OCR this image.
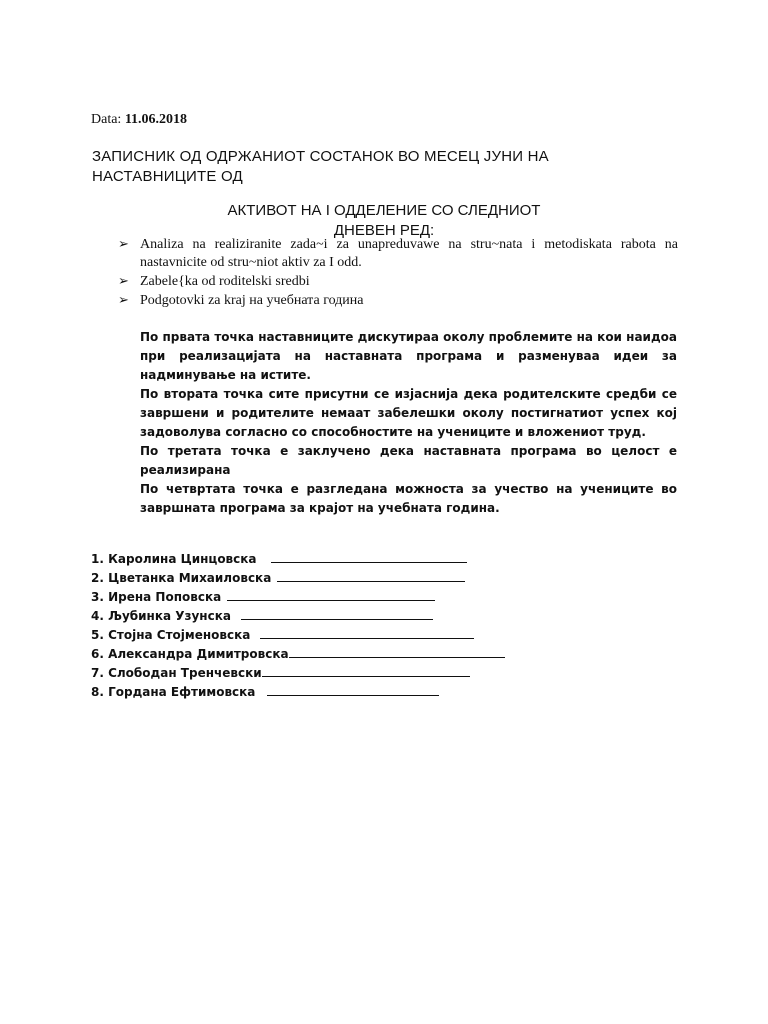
Data: 11.06.2018
ЗАПИСНИК ОД ОДРЖАНИОТ СОСТАНОК ВО МЕСЕЦ ЈУНИ НА
НАСТАВНИЦИТЕ ОД
АКТИВОТ НА I ОДДЕЛЕНИЕ СО СЛЕДНИОТ
ДНЕВЕН РЕД:
➢ Analiza na realiziranite zada~i za unapreduvawe na stru~nata i metodiskata rabota na nastavnicite od stru~niot aktiv za I odd.
➢ Zabele{ka od roditelski sredbi
➢ Podgotovki za kraj на учебната година

По првата точка наставниците дискутираа околу проблемите на кои наидоа при реализацијата на наставната програма и разменуваа идеи за надминување на истите.

По втората точка сите присутни се изјаснија дека родителските средби се завршени и родителите немаат забелешки околу постигнатиот успех кој задоволува согласно со способностите на учениците и вложениот труд.

По третата точка е заклучено дека наставната програма во целост е реализирана

По четвртата точка е разгледана можноста за учество на учениците во завршната програма за крајот на учебната година.

1. Каролина Цинцовска
2. Цветанка Михаиловска
3. Ирена Поповска
4. Љубинка Узунска
5. Стојна Стојменовска
6. Александра Димитровска
7. Слободан Тренчевски
8. Гордана Ефтимовска
